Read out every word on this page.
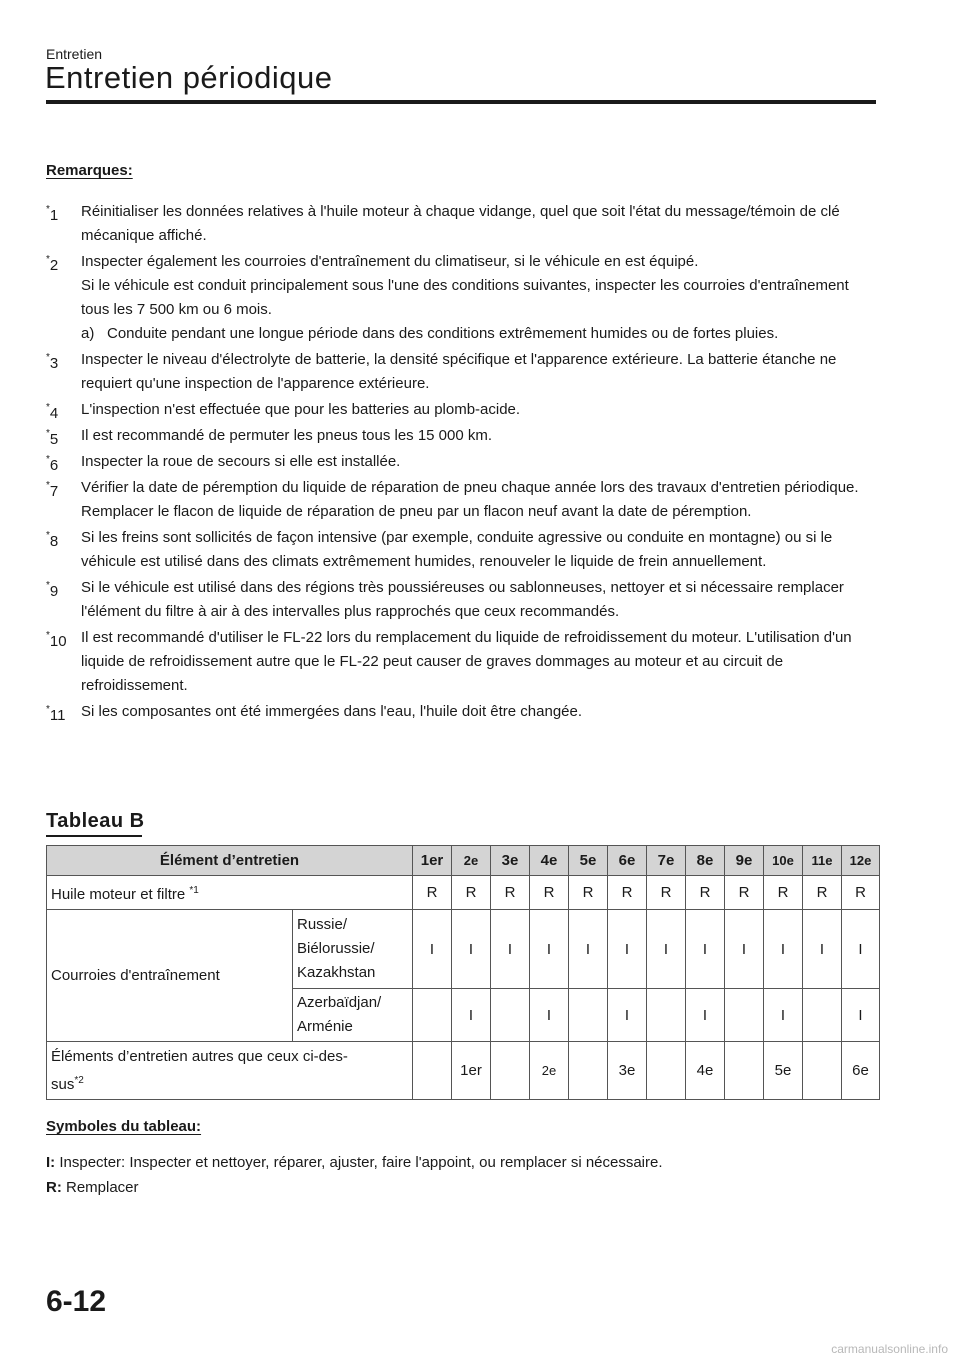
Entretien
Entretien périodique
Remarques:
*1 Réinitialiser les données relatives à l'huile moteur à chaque vidange, quel que soit l'état du message/témoin de clé mécanique affiché.
*2 Inspecter également les courroies d'entraînement du climatiseur, si le véhicule en est équipé.
Si le véhicule est conduit principalement sous l'une des conditions suivantes, inspecter les courroies d'entraînement tous les 7 500 km ou 6 mois.
a) Conduite pendant une longue période dans des conditions extrêmement humides ou de fortes pluies.
*3 Inspecter le niveau d'électrolyte de batterie, la densité spécifique et l'apparence extérieure. La batterie étanche ne requiert qu'une inspection de l'apparence extérieure.
*4 L'inspection n'est effectuée que pour les batteries au plomb-acide.
*5 Il est recommandé de permuter les pneus tous les 15 000 km.
*6 Inspecter la roue de secours si elle est installée.
*7 Vérifier la date de péremption du liquide de réparation de pneu chaque année lors des travaux d'entretien périodique. Remplacer le flacon de liquide de réparation de pneu par un flacon neuf avant la date de péremption.
*8 Si les freins sont sollicités de façon intensive (par exemple, conduite agressive ou conduite en montagne) ou si le véhicule est utilisé dans des climats extrêmement humides, renouveler le liquide de frein annuellement.
*9 Si le véhicule est utilisé dans des régions très poussiéreuses ou sablonneuses, nettoyer et si nécessaire remplacer l'élément du filtre à air à des intervalles plus rapprochés que ceux recommandés.
*10 Il est recommandé d'utiliser le FL-22 lors du remplacement du liquide de refroidissement du moteur. L'utilisation d'un liquide de refroidissement autre que le FL-22 peut causer de graves dommages au moteur et au circuit de refroidissement.
*11 Si les composantes ont été immergées dans l'eau, l'huile doit être changée.
Tableau B
Élément d’entretien		1er	2e	3e	4e	5e	6e	7e	8e	9e	10e	11e	12e
Huile moteur et filtre $^{*1}$		R	R	R	R	R	R	R	R	R	R	R	R
Courroies d'entraînement	Russie/
Biélorussie/
Kazakhstan	I	I	I	I	I	I	I	I	I	I	I	I

	Azerbaïdjan/
Arménie		I		I		I		I		I		I

Éléments d’entretien autres que ceux ci-des-
sus$^{*2}$			1er		2e		3e		4e		5e		6e
Symboles du tableau:
I: Inspecter: Inspecter et nettoyer, réparer, ajuster, faire l'appoint, ou remplacer si nécessaire.
R: Remplacer
6-12
carmanualsonline.info
